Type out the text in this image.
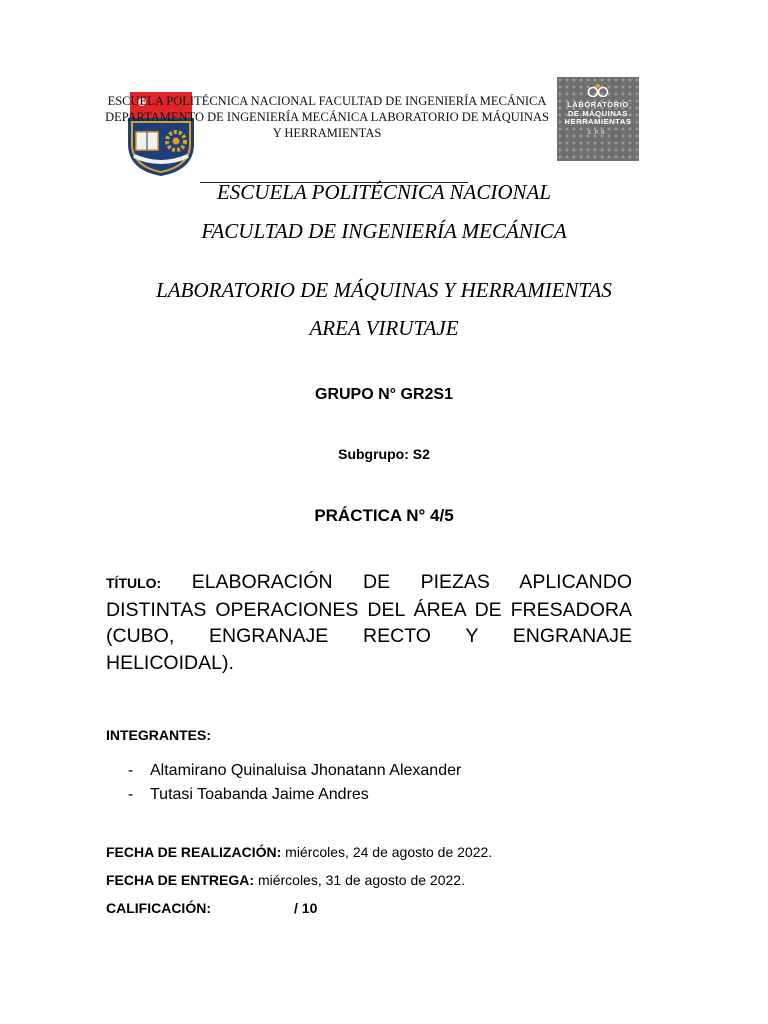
ESCUELA POLITÉCNICA NACIONAL FACULTAD DE INGENIERÍA MECÁNICA DEPARTAMENTO DE INGENIERÍA MECÁNICA LABORATORIO DE MÁQUINAS Y HERRAMIENTAS
LABORATORIO
DE MÁQUINAS
HERRAMIENTAS
E.P.N.
ESCUELA POLITÉCNICA NACIONAL
FACULTAD DE INGENIERÍA MECÁNICA
LABORATORIO DE MÁQUINAS Y HERRAMIENTAS
AREA VIRUTAJE
GRUPO N° GR2S1
Subgrupo: S2
PRÁCTICA N° 4/5
TÍTULO: ELABORACIÓN DE PIEZAS APLICANDO DISTINTAS OPERACIONES DEL ÁREA DE FRESADORA (CUBO, ENGRANAJE RECTO Y ENGRANAJE HELICOIDAL).
INTEGRANTES:
- Altamirano Quinaluisa Jhonatann Alexander
- Tutasi Toabanda Jaime Andres
FECHA DE REALIZACIÓN: miércoles, 24 de agosto de 2022.
FECHA DE ENTREGA: miércoles, 31 de agosto de 2022.
CALIFICACIÓN:	/ 10
